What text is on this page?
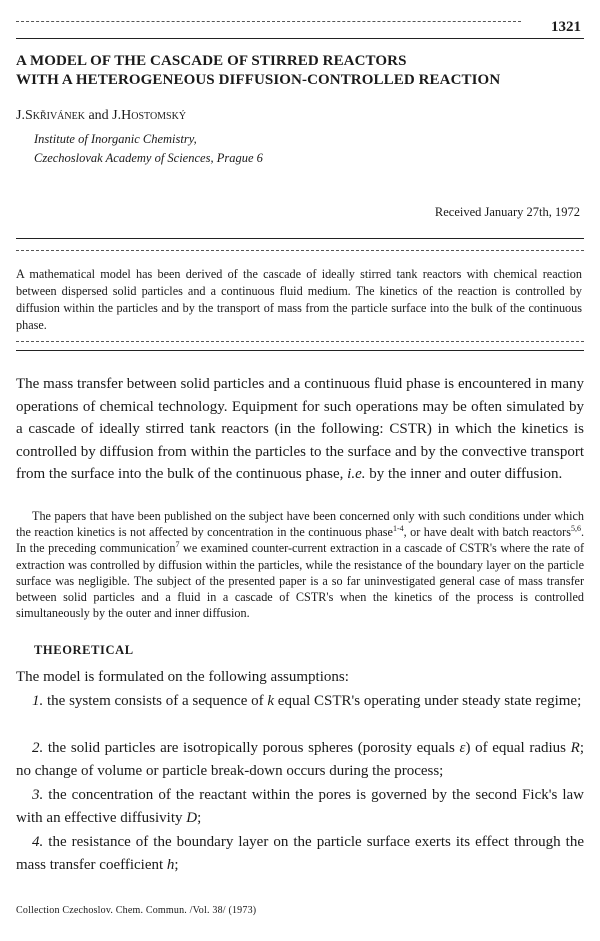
1321
A MODEL OF THE CASCADE OF STIRRED REACTORS
WITH A HETEROGENEOUS DIFFUSION-CONTROLLED REACTION
J.Skřivánek and J.Hostomský
Institute of Inorganic Chemistry,
Czechoslovak Academy of Sciences, Prague 6
Received January 27th, 1972
A mathematical model has been derived of the cascade of ideally stirred tank reactors with chemical reaction between dispersed solid particles and a continuous fluid medium. The kinetics of the reaction is controlled by diffusion within the particles and by the transport of mass from the particle surface into the bulk of the continuous phase.
The mass transfer between solid particles and a continuous fluid phase is encountered in many operations of chemical technology. Equipment for such operations may be often simulated by a cascade of ideally stirred tank reactors (in the following: CSTR) in which the kinetics is controlled by diffusion from within the particles to the surface and by the convective transport from the surface into the bulk of the continuous phase, i.e. by the inner and outer diffusion.
The papers that have been published on the subject have been concerned only with such conditions under which the reaction kinetics is not affected by concentration in the continuous phase$^{1-4}$, or have dealt with batch reactors$^{5,6}$. In the preceding communication$^7$ we examined counter-current extraction in a cascade of CSTR's where the rate of extraction was controlled by diffusion within the particles, while the resistance of the boundary layer on the particle surface was negligible. The subject of the presented paper is a so far uninvestigated general case of mass transfer between solid particles and a fluid in a cascade of CSTR's when the kinetics of the process is controlled simultaneously by the outer and inner diffusion.
THEORETICAL
The model is formulated on the following assumptions:
1. the system consists of a sequence of k equal CSTR's operating under steady state regime;
2. the solid particles are isotropically porous spheres (porosity equals ε) of equal radius R; no change of volume or particle break-down occurs during the process;
3. the concentration of the reactant within the pores is governed by the second Fick's law with an effective diffusivity D;
4. the resistance of the boundary layer on the particle surface exerts its effect through the mass transfer coefficient h;
Collection Czechoslov. Chem. Commun. /Vol. 38/ (1973)
